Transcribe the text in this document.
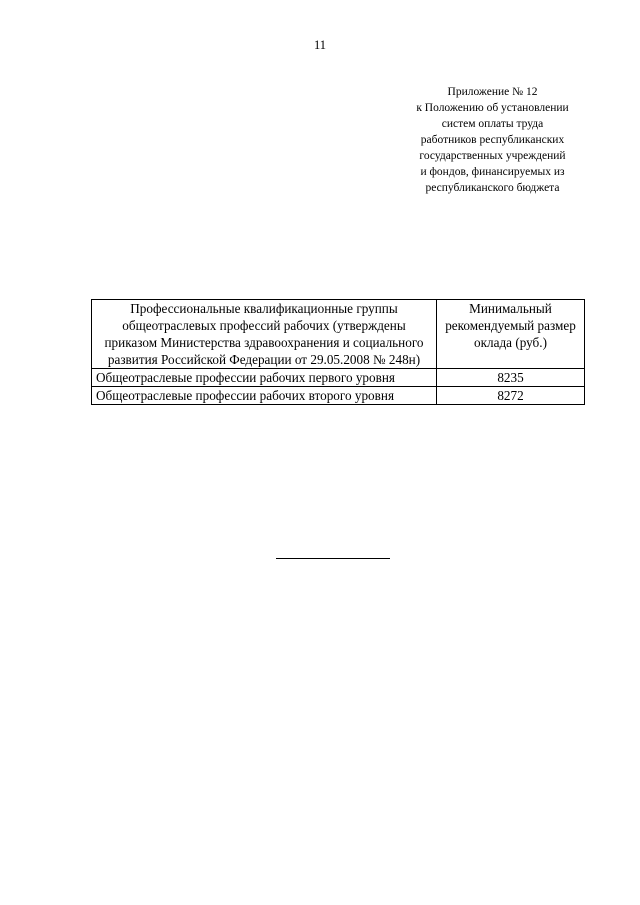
11
Приложение № 12
к Положению об установлении
систем оплаты труда
работников республиканских
государственных учреждений
и фондов, финансируемых из
республиканского бюджета
Профессиональные квалификационные группы общеотраслевых профессий рабочих (утверждены приказом Министерства здравоохранения и социального развития Российской Федерации от 29.05.2008 № 248н)	Минимальный рекомендуемый размер оклада (руб.)
Общеотраслевые профессии рабочих первого уровня	8235
Общеотраслевые профессии рабочих второго уровня	8272
